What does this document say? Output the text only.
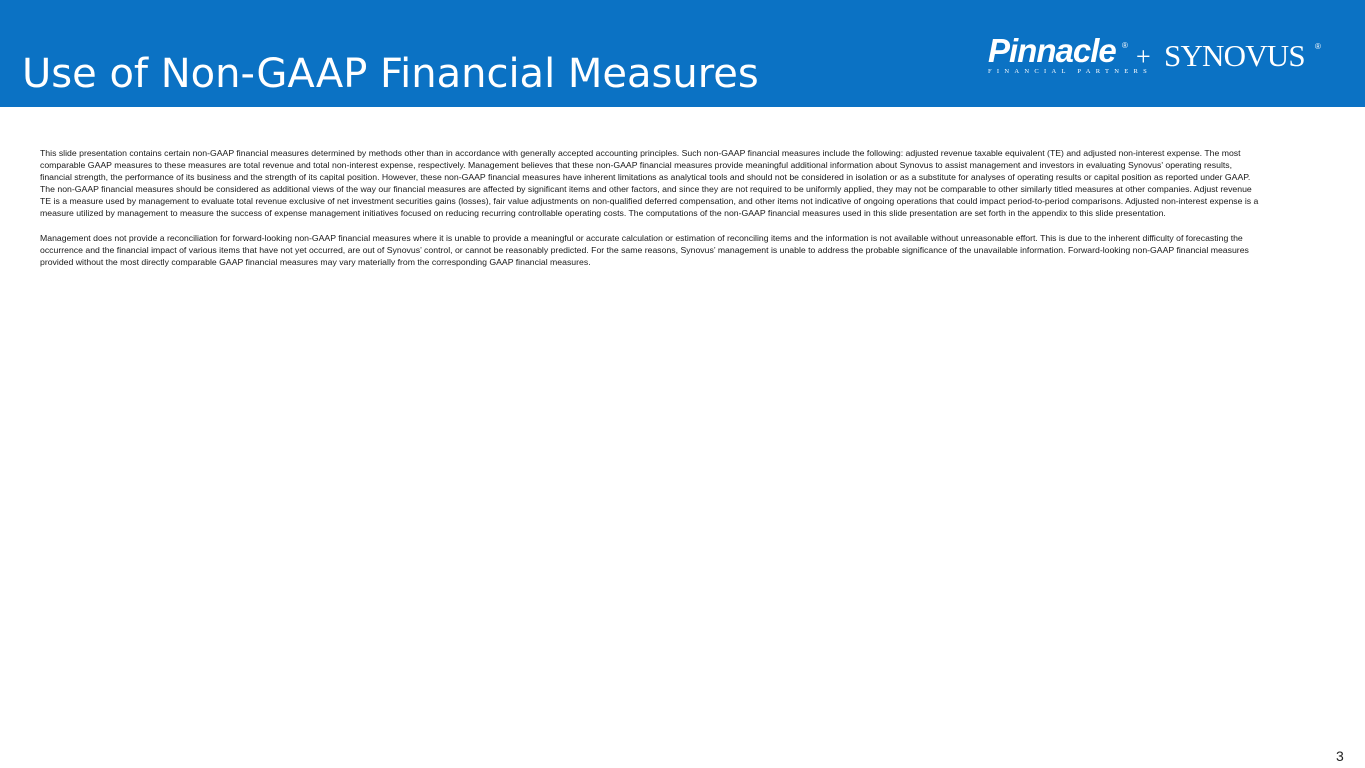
Use of Non-GAAP Financial Measures
Pinnacle
FINANCIAL PARTNERS
® + SYNOVUS ®

This slide presentation contains certain non-GAAP financial measures determined by methods other than in accordance with generally accepted accounting principles. Such non-GAAP financial measures include the following: adjusted revenue taxable equivalent (TE) and adjusted non-interest expense. The most comparable GAAP measures to these measures are total revenue and total non-interest expense, respectively. Management believes that these non-GAAP financial measures provide meaningful additional information about Synovus to assist management and investors in evaluating Synovus' operating results, financial strength, the performance of its business and the strength of its capital position. However, these non-GAAP financial measures have inherent limitations as analytical tools and should not be considered in isolation or as a substitute for analyses of operating results or capital position as reported under GAAP. The non-GAAP financial measures should be considered as additional views of the way our financial measures are affected by significant items and other factors, and since they are not required to be uniformly applied, they may not be comparable to other similarly titled measures at other companies. Adjust revenue TE is a measure used by management to evaluate total revenue exclusive of net investment securities gains (losses), fair value adjustments on non-qualified deferred compensation, and other items not indicative of ongoing operations that could impact period-to-period comparisons. Adjusted non-interest expense is a measure utilized by management to measure the success of expense management initiatives focused on reducing recurring controllable operating costs. The computations of the non-GAAP financial measures used in this slide presentation are set forth in the appendix to this slide presentation.

Management does not provide a reconciliation for forward-looking non-GAAP financial measures where it is unable to provide a meaningful or accurate calculation or estimation of reconciling items and the information is not available without unreasonable effort. This is due to the inherent difficulty of forecasting the occurrence and the financial impact of various items that have not yet occurred, are out of Synovus’ control, or cannot be reasonably predicted. For the same reasons, Synovus’ management is unable to address the probable significance of the unavailable information. Forward-looking non-GAAP financial measures provided without the most directly comparable GAAP financial measures may vary materially from the corresponding GAAP financial measures.

3
